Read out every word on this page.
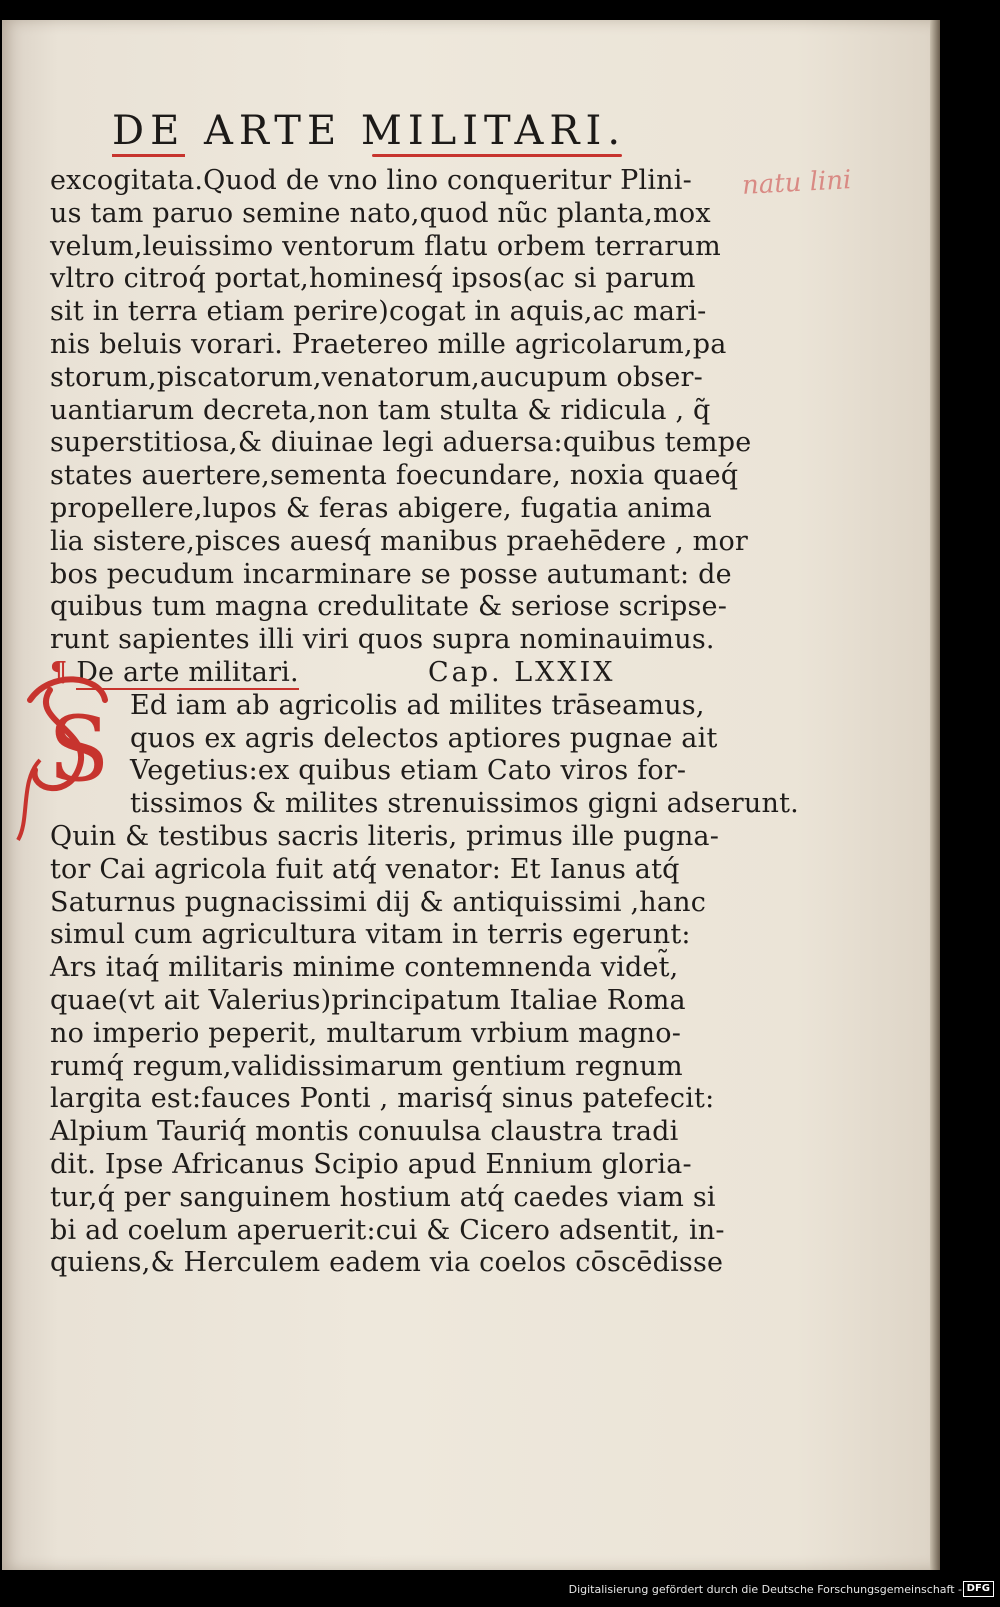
DE ARTE MILITARI.
natu lini
excogitata.Quod de vno lino conqueritur Plini-
us tam paruo semine nato,quod nũc planta,mox
velum,leuissimo ventorum flatu orbem terrarum
vltro citroq́ portat,hominesq́ ipsos(ac si parum
sit in terra etiam perire)cogat in aquis,ac mari-
nis beluis vorari. Praetereo mille agricolarum,pa
storum,piscatorum,venatorum,aucupum obser-
uantiarum decreta,non tam stulta & ridicula , q̃
superstitiosa,& diuinae legi aduersa:quibus tempe
states auertere,sementa foecundare, noxia quaeq́
propellere,lupos & feras abigere, fugatia anima
lia sistere,pisces auesq́ manibus praehēdere , mor
bos pecudum incarminare se posse autumant: de
quibus tum magna credulitate & seriose scripse-
runt sapientes illi viri quos supra nominauimus.
¶ De arte militari.	Cap. LXXIX
Ed iam ab agricolis ad milites trāseamus,
quos ex agris delectos aptiores pugnae ait
Vegetius:ex quibus etiam Cato viros for-
tissimos & milites strenuissimos gigni adserunt.
Quin & testibus sacris literis, primus ille pugna-
tor Cai agricola fuit atq́ venator: Et Ianus atq́
Saturnus pugnacissimi dij & antiquissimi ,hanc
simul cum agricultura vitam in terris egerunt:
Ars itaq́ militaris minime contemnenda videt̃,
quae(vt ait Valerius)principatum Italiae Roma
no imperio peperit, multarum vrbium magno-
rumq́ regum,validissimarum gentium regnum
largita est:fauces Ponti , marisq́ sinus patefecit:
Alpium Tauriq́ montis conuulsa claustra tradi
dit. Ipse Africanus Scipio apud Ennium gloria-
tur,q́ per sanguinem hostium atq́ caedes viam si
bi ad coelum aperuerit:cui & Cicero adsentit, in-
quiens,& Herculem eadem via coelos cōscēdisse
S
Digitalisierung gefördert durch die Deutsche Forschungsgemeinschaft - DFG
